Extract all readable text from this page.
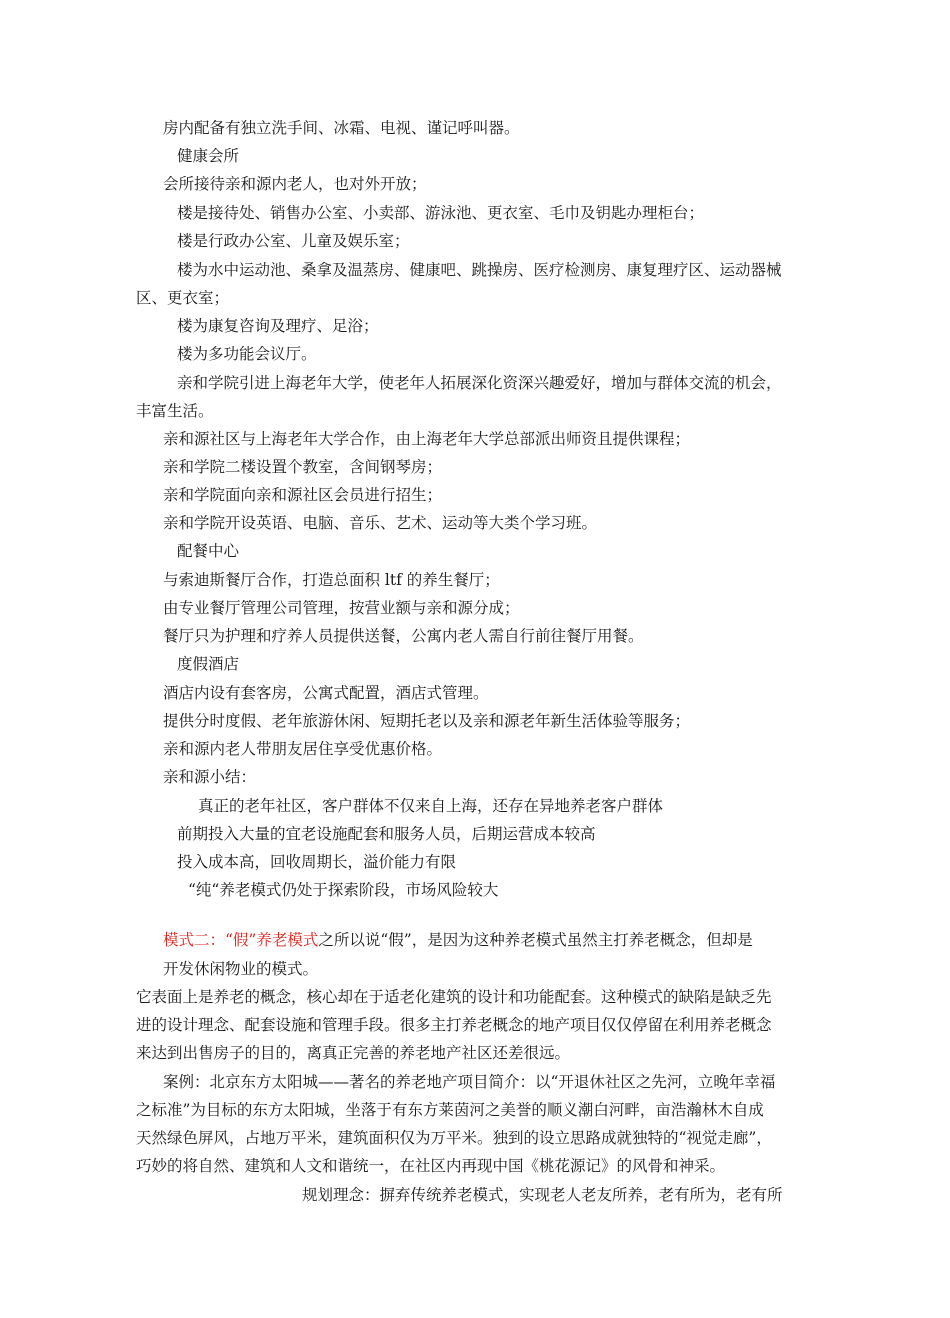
房内配备有独立洗手间、冰霜、电视、谨记呼叫器。
健康会所
会所接待亲和源内老人，也对外开放；
楼是接待处、销售办公室、小卖部、游泳池、更衣室、毛巾及钥匙办理柜台；
楼是行政办公室、儿童及娱乐室；
楼为水中运动池、桑拿及温蒸房、健康吧、跳操房、医疗检测房、康复理疗区、运动器械
区、更衣室；
楼为康复咨询及理疗、足浴；
楼为多功能会议厅。
亲和学院引进上海老年大学，使老年人拓展深化资深兴趣爱好，增加与群体交流的机会，
丰富生活。
亲和源社区与上海老年大学合作，由上海老年大学总部派出师资且提供课程；
亲和学院二楼设置个教室，含间钢琴房；
亲和学院面向亲和源社区会员进行招生；
亲和学院开设英语、电脑、音乐、艺术、运动等大类个学习班。
配餐中心
与索迪斯餐厅合作，打造总面积 ltf 的养生餐厅；
由专业餐厅管理公司管理，按营业额与亲和源分成；
餐厅只为护理和疗养人员提供送餐，公寓内老人需自行前往餐厅用餐。
度假酒店
酒店内设有套客房，公寓式配置，酒店式管理。
提供分时度假、老年旅游休闲、短期托老以及亲和源老年新生活体验等服务；
亲和源内老人带朋友居住享受优惠价格。
亲和源小结：
真正的老年社区，客户群体不仅来自上海，还存在异地养老客户群体
前期投入大量的宜老设施配套和服务人员，后期运营成本较高
投入成本高，回收周期长，溢价能力有限
“纯“养老模式仍处于探索阶段，市场风险较大
模式二：“假”养老模式之所以说“假”，是因为这种养老模式虽然主打养老概念，但却是
开发休闲物业的模式。
它表面上是养老的概念，核心却在于适老化建筑的设计和功能配套。这种模式的缺陷是缺乏先
进的设计理念、配套设施和管理手段。很多主打养老概念的地产项目仅仅停留在利用养老概念
来达到出售房子的目的，离真正完善的养老地产社区还差很远。
案例：北京东方太阳城——著名的养老地产项目简介：以“开退休社区之先河，立晚年幸福
之标准”为目标的东方太阳城，坐落于有东方莱茵河之美誉的顺义潮白河畔，亩浩瀚林木自成
天然绿色屏风，占地万平米，建筑面积仅为万平米。独到的设立思路成就独特的“视觉走廊”，
巧妙的将自然、建筑和人文和谐统一，在社区内再现中国《桃花源记》的风骨和神采。
规划理念：摒弃传统养老模式，实现老人老友所养，老有所为，老有所
